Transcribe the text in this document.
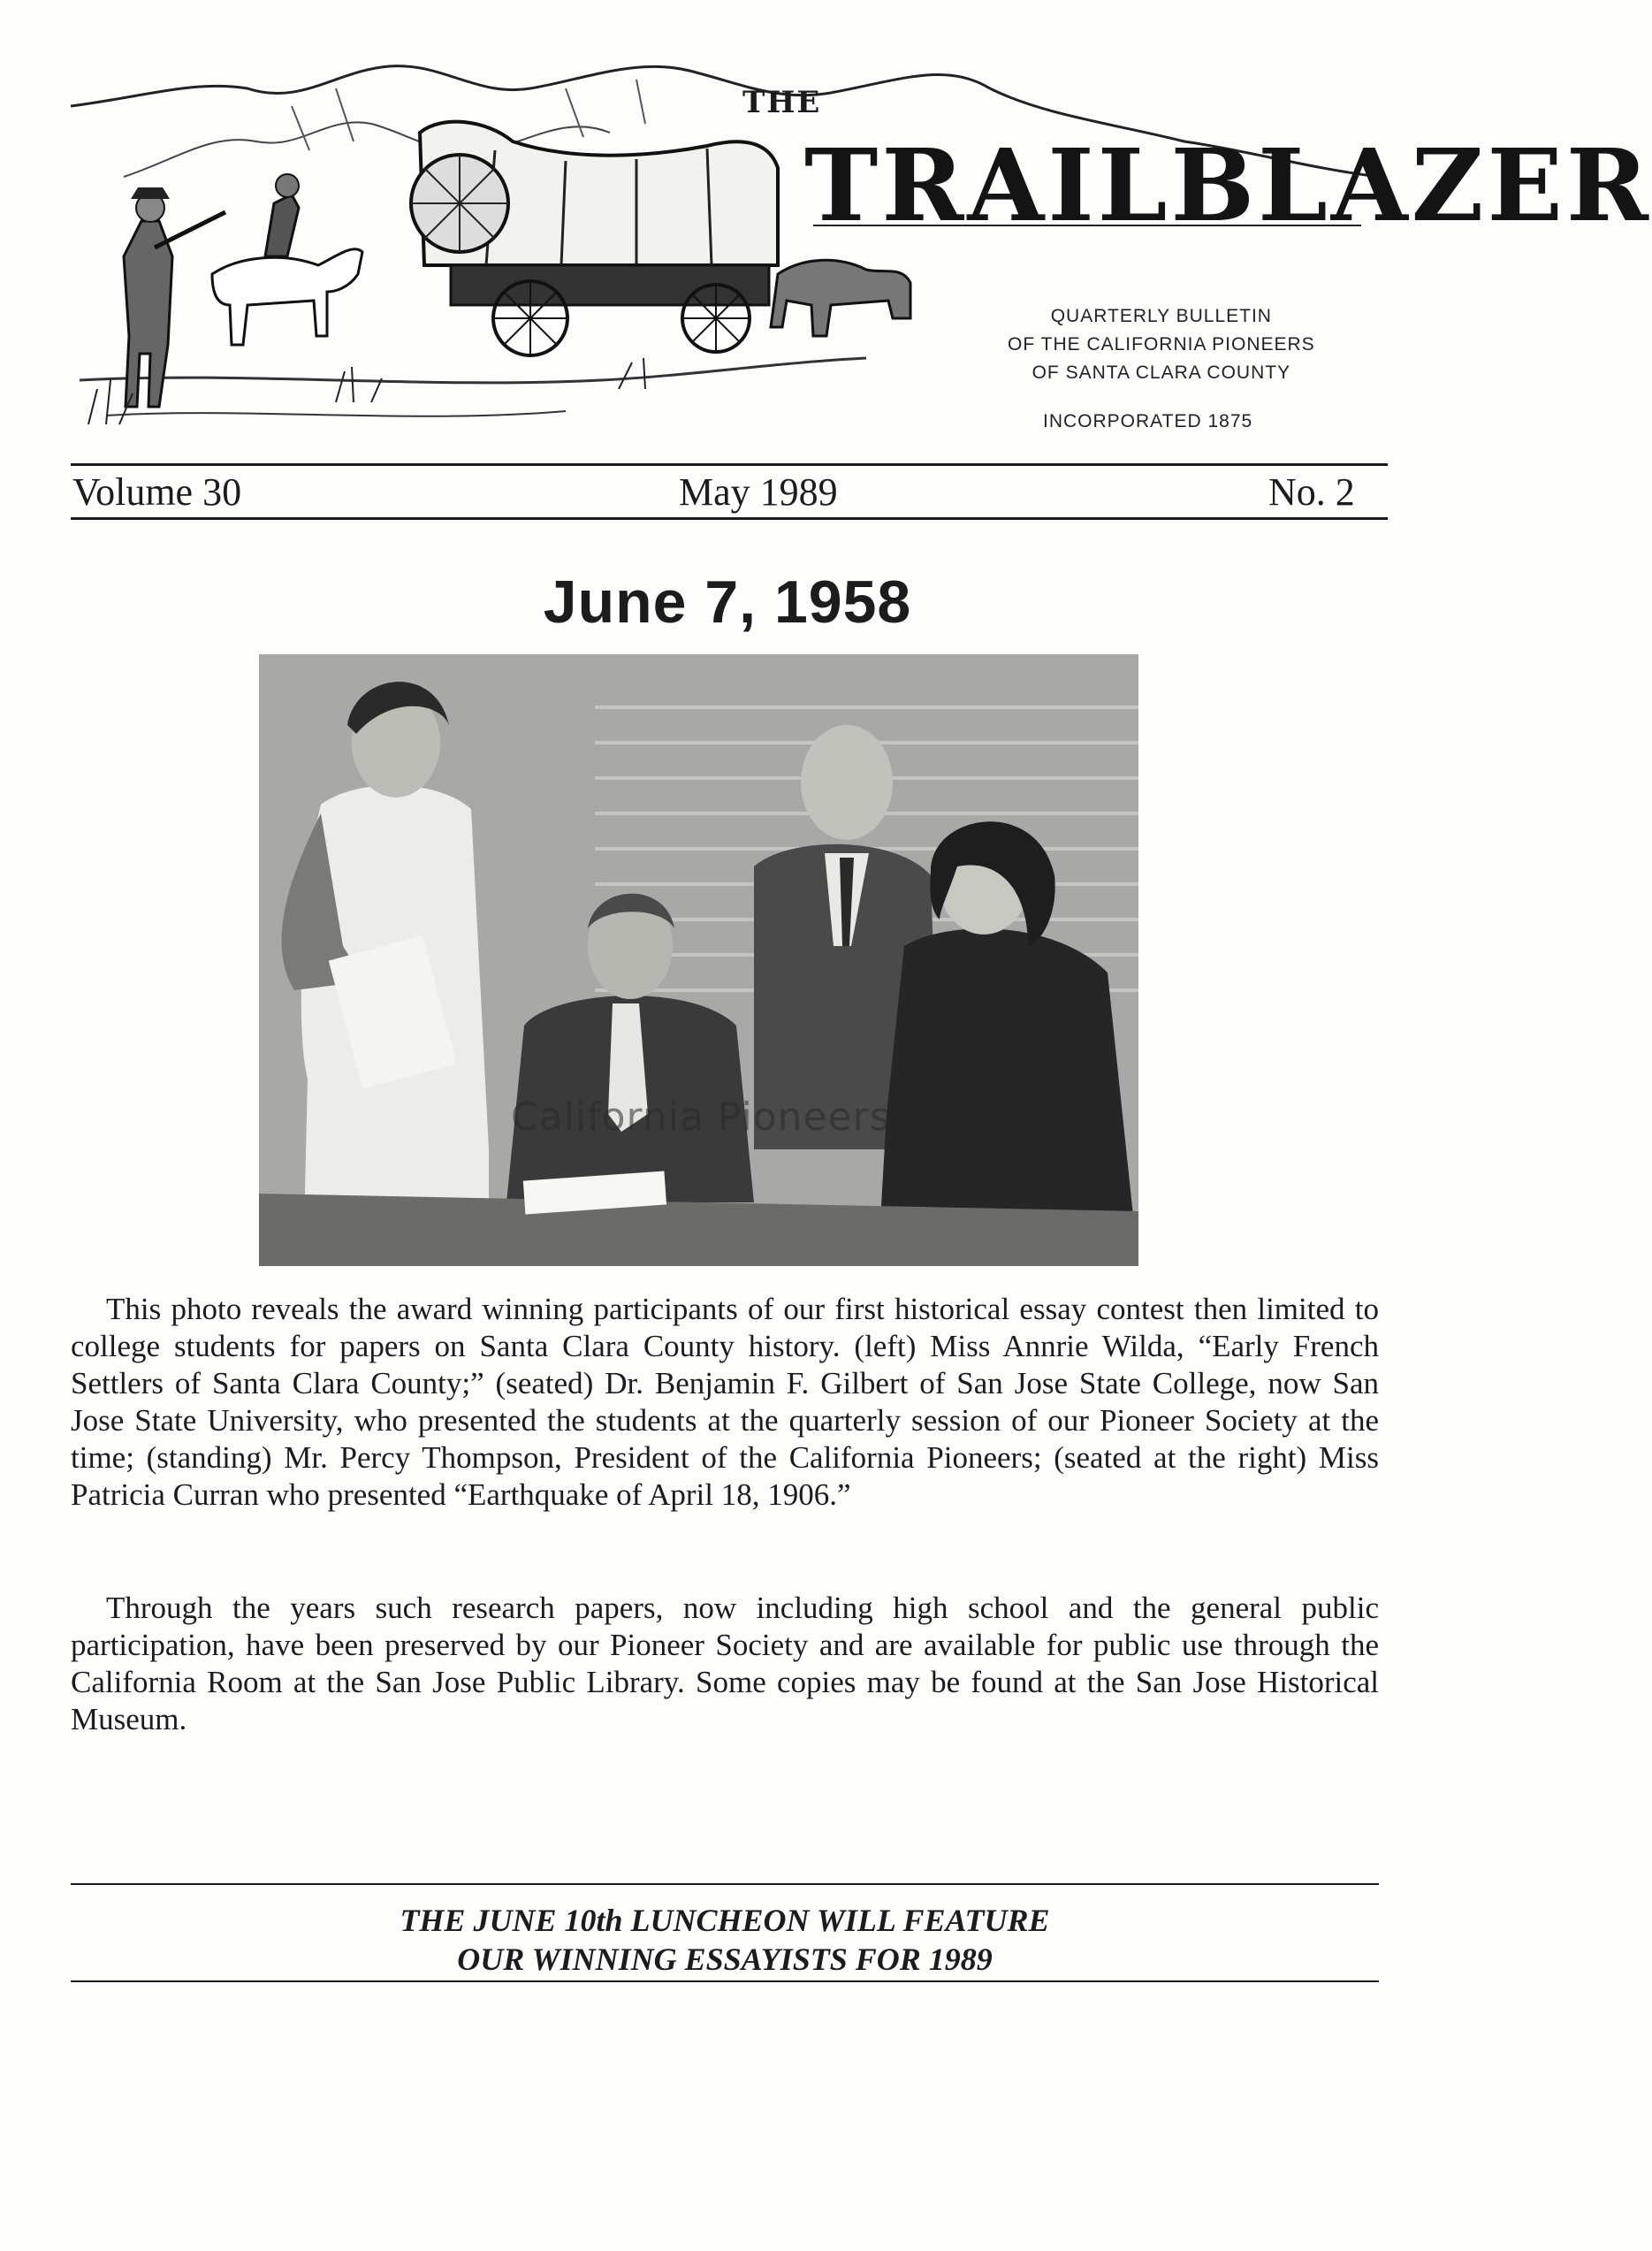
THE
TRAILBLAZER
QUARTERLY BULLETIN
OF THE CALIFORNIA PIONEERS
OF SANTA CLARA COUNTY
INCORPORATED 1875
Volume 30	May 1989	No. 2
June 7, 1958
California Pioneers

This photo reveals the award winning participants of our first historical essay contest then limited to college students for papers on Santa Clara County history. (left) Miss Annrie Wilda, “Early French Settlers of Santa Clara County;” (seated) Dr. Benjamin F. Gilbert of San Jose State College, now San Jose State University, who presented the students at the quarterly session of our Pioneer Society at the time; (standing) Mr. Percy Thompson, President of the California Pioneers; (seated at the right) Miss Patricia Curran who presented “Earthquake of April 18, 1906.”

Through the years such research papers, now including high school and the general public participation, have been preserved by our Pioneer Society and are available for public use through the California Room at the San Jose Public Library. Some copies may be found at the San Jose Historical Museum.

THE JUNE 10th LUNCHEON WILL FEATURE
OUR WINNING ESSAYISTS FOR 1989
